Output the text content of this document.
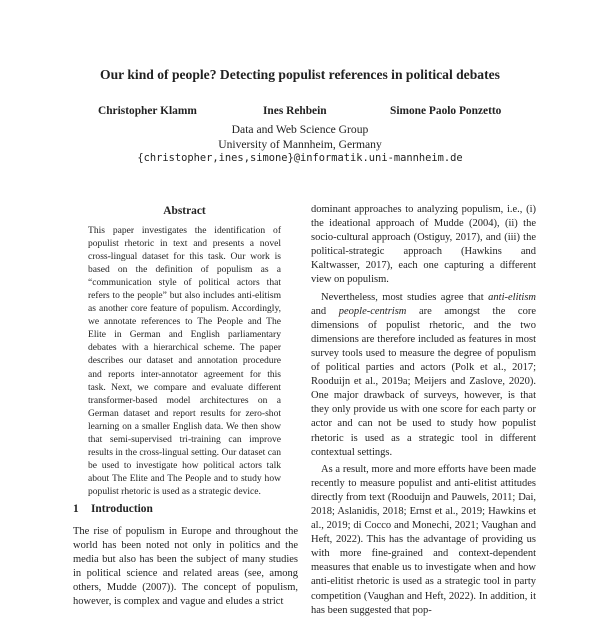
Our kind of people? Detecting populist references in political debates
Christopher Klamm	Ines Rehbein	Simone Paolo Ponzetto
Data and Web Science Group
University of Mannheim, Germany
{christopher,ines,simone}@informatik.uni-mannheim.de
Abstract
This paper investigates the identification of populist rhetoric in text and presents a novel cross-lingual dataset for this task. Our work is based on the definition of populism as a “communication style of political actors that refers to the people” but also includes anti-elitism as another core feature of populism. Accordingly, we annotate references to The People and The Elite in German and English parliamentary debates with a hierarchical scheme. The paper describes our dataset and annotation procedure and reports inter-annotator agreement for this task. Next, we compare and evaluate different transformer-based model architectures on a German dataset and report results for zero-shot learning on a smaller English data. We then show that semi-supervised tri-training can improve results in the cross-lingual setting. Our dataset can be used to investigate how political actors talk about The Elite and The People and to study how populist rhetoric is used as a strategic device.
1 Introduction

The rise of populism in Europe and throughout the world has been noted not only in politics and the media but also has been the subject of many studies in political science and related areas (see, among others, Mudde (2007)). The concept of populism, however, is complex and vague and eludes a strict

dominant approaches to analyzing populism, i.e., (i) the ideational approach of Mudde (2004), (ii) the socio-cultural approach (Ostiguy, 2017), and (iii) the political-strategic approach (Hawkins and Kaltwasser, 2017), each one capturing a different view on populism.

Nevertheless, most studies agree that anti-elitism and people-centrism are amongst the core dimensions of populist rhetoric, and the two dimensions are therefore included as features in most survey tools used to measure the degree of populism of political parties and actors (Polk et al., 2017; Rooduijn et al., 2019a; Meijers and Zaslove, 2020). One major drawback of surveys, however, is that they only provide us with one score for each party or actor and can not be used to study how populist rhetoric is used as a strategic tool in different contextual settings.

As a result, more and more efforts have been made recently to measure populist and anti-elitist attitudes directly from text (Rooduijn and Pauwels, 2011; Dai, 2018; Aslanidis, 2018; Ernst et al., 2019; Hawkins et al., 2019; di Cocco and Monechi, 2021; Vaughan and Heft, 2022). This has the advantage of providing us with more fine-grained and context-dependent measures that enable us to investigate when and how anti-elitist rhetoric is used as a strategic tool in party competition (Vaughan and Heft, 2022). In addition, it has been suggested that pop-
